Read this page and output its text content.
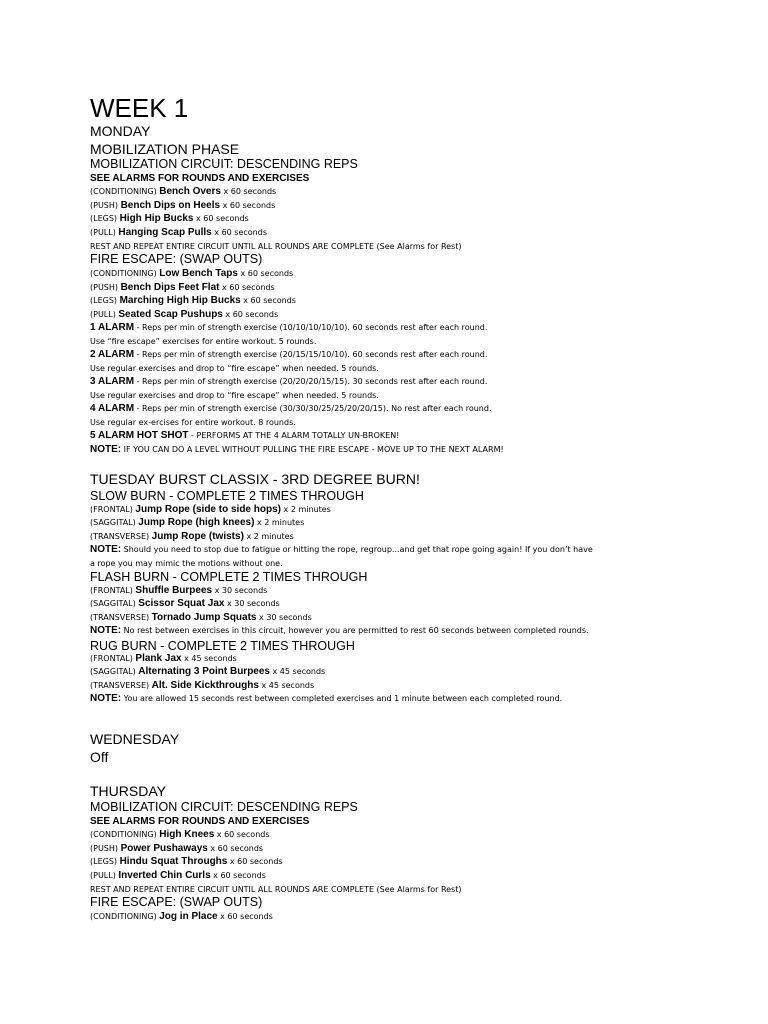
WEEK 1
MONDAY
MOBILIZATION PHASE
MOBILIZATION CIRCUIT: DESCENDING REPS
SEE ALARMS FOR ROUNDS AND EXERCISES
(CONDITIONING) Bench Overs x 60 seconds
(PUSH) Bench Dips on Heels x 60 seconds
(LEGS) High Hip Bucks x 60 seconds
(PULL) Hanging Scap Pulls x 60 seconds
REST AND REPEAT ENTIRE CIRCUIT UNTIL ALL ROUNDS ARE COMPLETE (See Alarms for Rest)
FIRE ESCAPE: (SWAP OUTS)
(CONDITIONING) Low Bench Taps x 60 seconds
(PUSH) Bench Dips Feet Flat x 60 seconds
(LEGS) Marching High Hip Bucks x 60 seconds
(PULL) Seated Scap Pushups x 60 seconds
1 ALARM - Reps per min of strength exercise (10/10/10/10/10). 60 seconds rest after each round.
Use “fire escape” exercises for entire workout. 5 rounds.
2 ALARM - Reps per min of strength exercise (20/15/15/10/10). 60 seconds rest after each round.
Use regular exercises and drop to “fire escape” when needed. 5 rounds.
3 ALARM - Reps per min of strength exercise (20/20/20/15/15). 30 seconds rest after each round.
Use regular exercises and drop to “fire escape” when needed. 5 rounds.
4 ALARM - Reps per min of strength exercise (30/30/30/25/25/20/20/15). No rest after each round.
Use regular ex-ercises for entire workout. 8 rounds.
5 ALARM HOT SHOT - PERFORMS AT THE 4 ALARM TOTALLY UN-BROKEN!
NOTE: IF YOU CAN DO A LEVEL WITHOUT PULLING THE FIRE ESCAPE - MOVE UP TO THE NEXT ALARM!
TUESDAY BURST CLASSIX - 3RD DEGREE BURN!
SLOW BURN - COMPLETE 2 TIMES THROUGH
(FRONTAL) Jump Rope (side to side hops) x 2 minutes
(SAGGITAL) Jump Rope (high knees) x 2 minutes
(TRANSVERSE) Jump Rope (twists) x 2 minutes
NOTE: Should you need to stop due to fatigue or hitting the rope, regroup...and get that rope going again! If you don’t have
a rope you may mimic the motions without one.
FLASH BURN - COMPLETE 2 TIMES THROUGH
(FRONTAL) Shuffle Burpees x 30 seconds
(SAGGITAL) Scissor Squat Jax x 30 seconds
(TRANSVERSE) Tornado Jump Squats x 30 seconds
NOTE: No rest between exercises in this circuit, however you are permitted to rest 60 seconds between completed rounds.
RUG BURN - COMPLETE 2 TIMES THROUGH
(FRONTAL) Plank Jax x 45 seconds
(SAGGITAL) Alternating 3 Point Burpees x 45 seconds
(TRANSVERSE) Alt. Side Kickthroughs x 45 seconds
NOTE: You are allowed 15 seconds rest between completed exercises and 1 minute between each completed round.
WEDNESDAY
Off
THURSDAY
MOBILIZATION CIRCUIT: DESCENDING REPS
SEE ALARMS FOR ROUNDS AND EXERCISES
(CONDITIONING) High Knees x 60 seconds
(PUSH) Power Pushaways x 60 seconds
(LEGS) Hindu Squat Throughs x 60 seconds
(PULL) Inverted Chin Curls x 60 seconds
REST AND REPEAT ENTIRE CIRCUIT UNTIL ALL ROUNDS ARE COMPLETE (See Alarms for Rest)
FIRE ESCAPE: (SWAP OUTS)
(CONDITIONING) Jog in Place x 60 seconds
